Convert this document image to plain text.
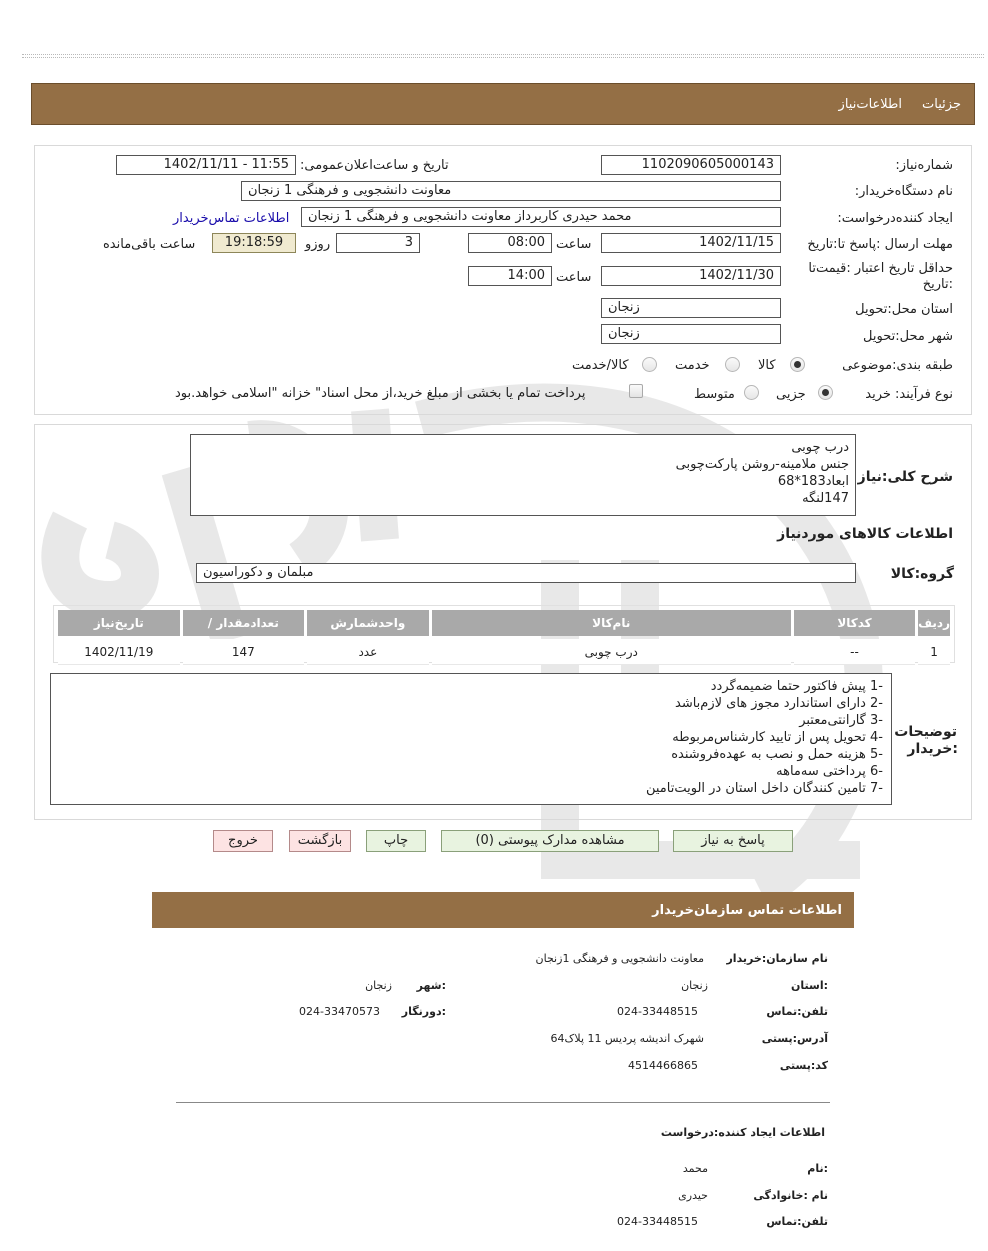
جزئیات
اطلاعات‌نیاز
شماره‌نیاز:
1102090605000143
تاریخ و ساعت‌اعلان‌عمومی:
1402/11/11 - 11:55
نام دستگاه‌خریدار:
معاونت دانشجویی و فرهنگی 1 زنجان
ایجاد کننده‌درخواست:
محمد حیدری کاربرداز معاونت دانشجویی و فرهنگی 1 زنجان
اطلاعات تماس‌خریدار
مهلت ارسال :پاسخ تا:تاریخ
1402/11/15
ساعت
08:00
3
روزو
19:18:59
ساعت باقی‌مانده
حداقل تاریخ اعتبار :قیمت‌تا
:تاریخ
1402/11/30
ساعت
14:00
استان محل:تحویل
زنجان
شهر محل:تحویل
زنجان
طبقه بندی:موضوعی
کالا
خدمت
کالا/خدمت
نوع فرآیند: خرید
جزیی
متوسط
پرداخت تمام یا بخشی از مبلغ خرید،از محل اسناد" خزانه "اسلامی خواهد.بود
شرح کلی:نیاز
درب چوبی
جنس ملامینه-روشن پارکت‌چوبی
ابعاد183*68
147لنگه
اطلاعات کالاهای مورد‌نیاز
گروه:کالا
مبلمان و دکوراسیون
ردیف	کدکالا	نام‌کالا	واحدشمارش	تعداد‌مقدار /	تاریخ‌نیاز
1	--	درب چوبی	عدد	147	1402/11/19
توضیحات
:خریدار
-1 پیش فاکتور حتما ضمیمه‌گردد
-2 دارای استاندارد مجوز های لازم‌باشد
-3 گارانتی‌معتبر
-4 تحویل پس از تایید کارشناس‌مربوطه
-5 هزینه حمل و نصب به عهده‌فروشنده
-6 پرداختی سه‌ماهه
-7 تامین کنندگان داخل استان در الویت‌تامین
پاسخ به نیاز
مشاهده مدارک پیوستی (0)
چاپ
بازگشت
خروج
اطلاعات تماس سازمان‌خریدار
نام سازمان:خریدار
معاونت دانشجویی و فرهنگی 1زنجان
:استان
زنجان
:شهر
زنجان
تلفن:تماس
024-33448515
:دورنگار
024-33470573
آدرس:پستی
شهرک اندیشه پردیس 11 پلاک64
کد:پستی
4514466865
اطلاعات ایجاد کننده:درخواست
:نام
محمد
نام :خانوادگی
حیدری
تلفن:تماس
024-33448515
